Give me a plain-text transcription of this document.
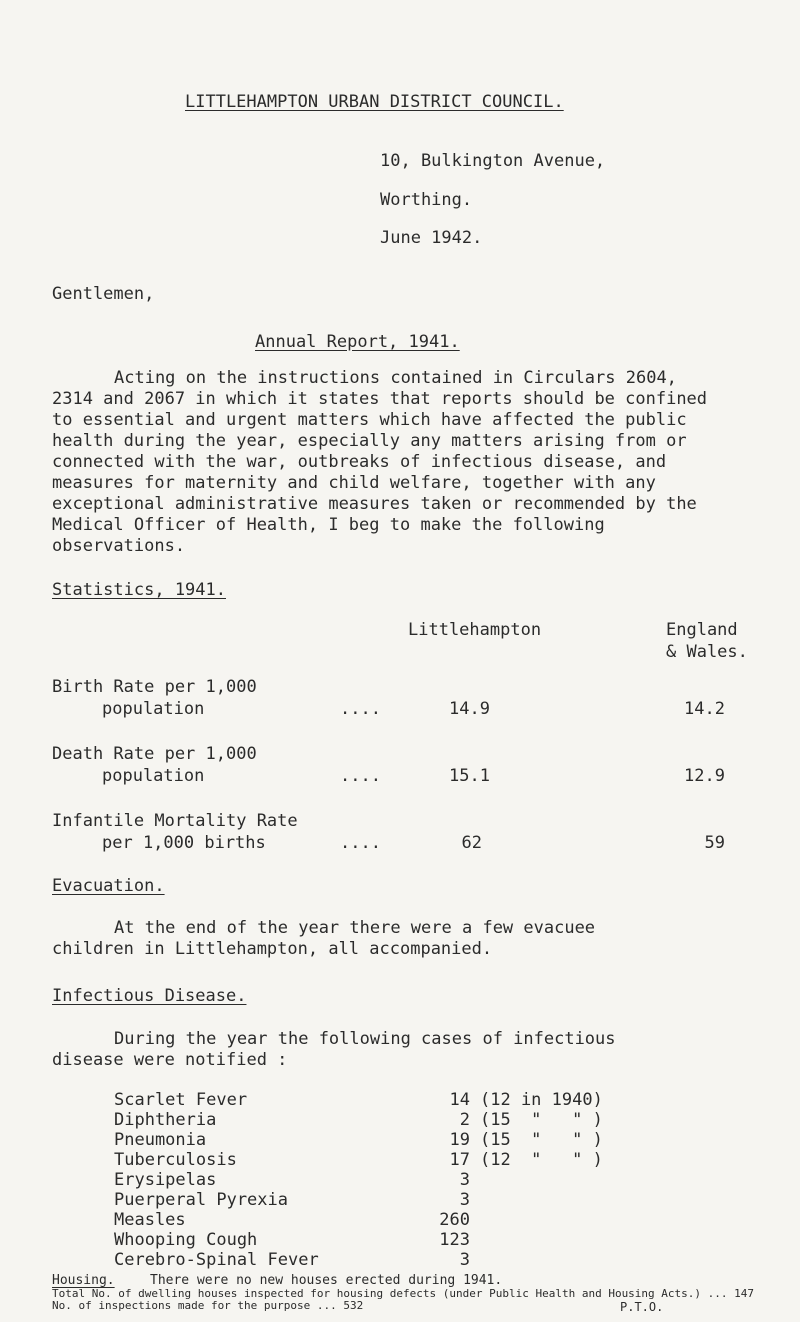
LITTLEHAMPTON URBAN DISTRICT COUNCIL.
10, Bulkington Avenue,
Worthing.
June 1942.
Gentlemen,
Annual Report, 1941.
Acting on the instructions contained in Circulars 2604,
2314 and 2067 in which it states that reports should be confined
to essential and urgent matters which have affected the public
health during the year, especially any matters arising from or
connected with the war, outbreaks of infectious disease, and
measures for maternity and child welfare, together with any
exceptional administrative measures taken or recommended by the
Medical Officer of Health, I beg to make the following
observations.
Statistics, 1941.
Littlehampton	England
& Wales.
Birth Rate per 1,000
population	....	14.9	14.2
Death Rate per 1,000
population	....	15.1	12.9
Infantile Mortality Rate
per 1,000 births	....	62	59
Evacuation.
At the end of the year there were a few evacuee
children in Littlehampton, all accompanied.
Infectious Disease.
During the year the following cases of infectious
disease were notified :
Scarlet Fever	14 (12 in 1940)
Diphtheria	2 (15  "   " )
Pneumonia	19 (15  "   " )
Tuberculosis	17 (12  "   " )
Erysipelas	3
Puerperal Pyrexia	3
Measles	260
Whooping Cough	123
Cerebro-Spinal Fever	3
Housing.	There were no new houses erected during 1941.
Total No. of dwelling houses inspected for housing defects (under Public Health and Housing Acts.) ... 147
No. of inspections made for the purpose ... 532	P.T.O.
